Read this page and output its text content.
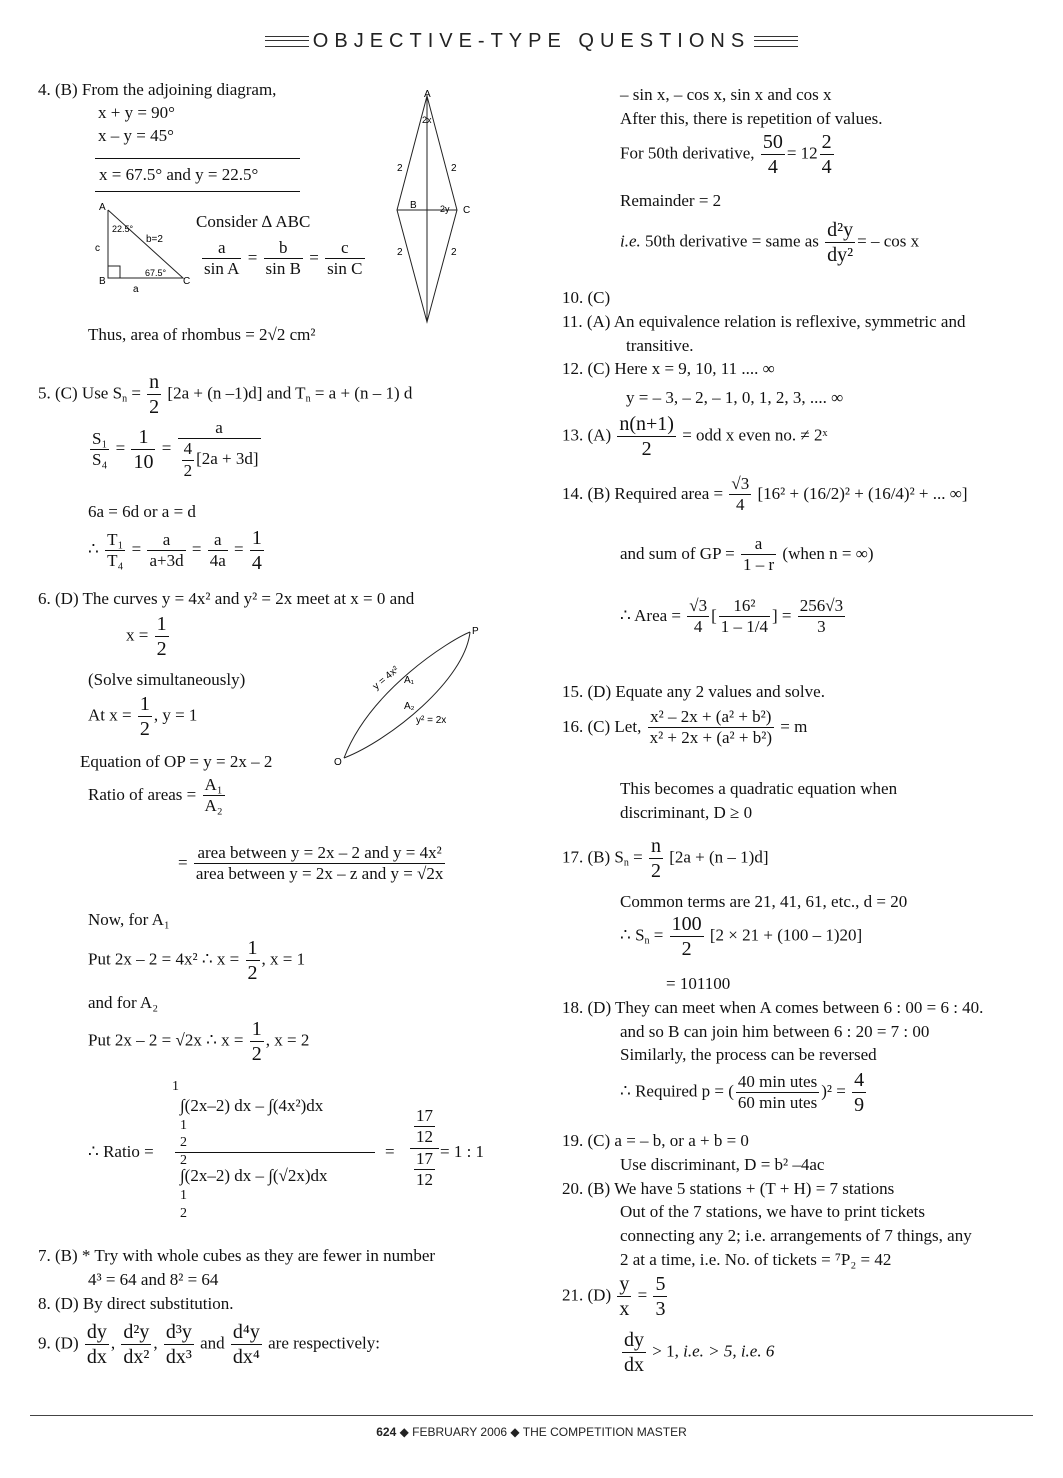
OBJECTIVE-TYPE QUESTIONS
4. (B) From the adjoining diagram,
x + y = 90°
x – y = 45°
x = 67.5° and y = 22.5°
A
B	C
a
b=2
c
22.5°
67.5°
Consider ∆ ABC
$\frac{a}{\text{sin A}} = \frac{b}{\text{sin B}} = \frac{c}{\text{sin C}}$
A
B	C
2x
2y
2	2
2	2
Thus, area of rhombus = 2√2 cm²
5. (C) Use $S_n = \frac{n}{2} [2a + (n$ –1)d] and $T_n = a + (n - 1)$ d
$\frac{\text{S₁}}{\text{S₄}} = \frac{1}{10} = \frac{a}{\frac{4}{2} [2a + 3d]}$
6a = 6d or a = d
∴ $\frac{\text{T₁}}{\text{T₄}} = \frac{a}{a+3d} = \frac{a}{4a} = \frac{1}{4}$
6. (D) The curves y = 4x² and y² = 2x meet at x = 0 and
$x = \frac{1}{2}$
(Solve simultaneously)
At $x = \frac{1}{2}$ , y = 1
O
P
y = 4x² A₁
A₂
y² = 2x
Equation of OP = y = 2x – 2
Ratio of areas = $\frac{\text{A₁}}{\text{A₂}}$
= $\frac{\text{area between y = 2x – 2 and y = 4x²}}{\text{area between y = 2x – z and y = √2x}}$
Now, for A₁
Put 2x – 2 = 4x² ∴ $x = \frac{1}{2}$ , x = 1
and for A₂
Put 2x – 2 = √2x ∴ $x = \frac{1}{2}$ , x = 2
∴ Ratio =
1
∫(2x–2) dx – ∫(4x²)dx
1
2
2
∫(2x–2) dx – ∫(√2x)dx
1
2
= $\frac{\frac{17}{12}}{\frac{17}{12}} = 1$ : 1
7. (B) * Try with whole cubes as they are fewer in number
4³ = 64 and 8² = 64
8. (D) By direct substitution.
9. $(D) \frac{dy}{dx}$ , $\frac{\text{d²y}}{\text{dx²}}$ , $\frac{\text{d³y}}{\text{dx³}}$ and $\frac{\text{d⁴y}}{\text{dx⁴}}$ are respectively:
– sin x, – cos x, sin x and cos x
After this, there is repetition of values.
For 50th derivative, $\frac{50}{4} = 12 \frac{2}{4}$
Remainder = 2
i.e. 50th derivative = same as $\frac{\text{d²y}}{\text{dy²}}$ = – cos x
10. (C)
11. (A) An equivalence relation is reflexive, symmetric and
transitive.
12. (C) Here x = 9, 10, 11 .... ∞
y = – 3, – 2, – 1, 0, 1, 2, 3, .... ∞
13. $(A) \frac{n(n+1)}{2}$ = odd x even no. ≠ 2ˣ
14. (B) Required area = $\frac{√3}{4} [16^2 + (16/2)^2 + (16/4)^2$ + ... ∞]
and sum of GP = $\frac{a}{1 - r}$ (when n = ∞)
∴ Area = $\frac{√3}{4}$ [ $\frac{\text{16²}}{1 - 1/4}$ ] = $\frac{256√3}{3}$
15. (D) Equate any 2 values and solve.
16. (C) Let, $\frac{\text{x² – 2x + (a² + b²)}}{\text{x² + 2x + (a² + b²)}} = m$
This becomes a quadratic equation when
discriminant, D ≥ 0
17. (B) $S_n = \frac{n}{2} [2a + (n - 1)d]$
Common terms are 21, 41, 61, etc., d = 20
∴ $S_n = \frac{100}{2} [2 \times 21 + (100 - 1)20]$
= 101100
18. (D) They can meet when A comes between 6 : 00 = 6 : 40.
and so B can join him between 6 : 20 = 7 : 00
Similarly, the process can be reversed
∴ Required p = ( $\frac{\text{40 min utes}}{\text{60 min utes}} )^2 = \frac{4}{9}$
19. (C) a = – b, or a + b = 0
Use discriminant, D = b² –4ac
20. (B) We have 5 stations + (T + H) = 7 stations
Out of the 7 stations, we have to print tickets
connecting any 2; i.e. arrangements of 7 things, any
2 at a time, i.e. No. of tickets = ⁷P₂ = 42
21. $(D) \frac{y}{x} = \frac{5}{3}$
$\frac{dy}{dx} > 1$, i.e. > 5, i.e. 6
624 ◆ FEBRUARY 2006 ◆ THE COMPETITION MASTER
